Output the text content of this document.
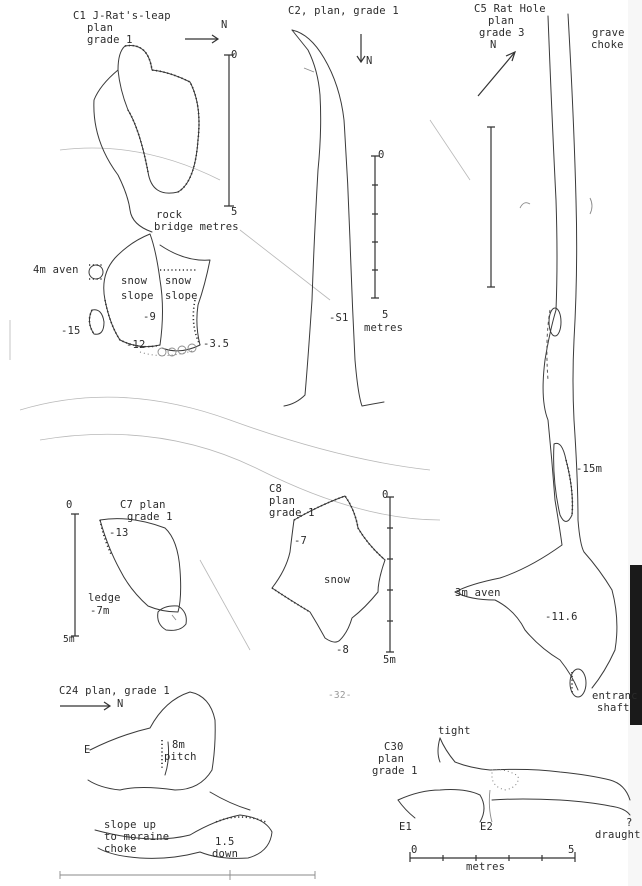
C1 J-Rat's-leap
plan
grade 1
N
0
5
rock
bridge metres
4m aven
snow
slope
snow
slope
-9
-15
-12	-3.5
C2, plan, grade 1
N
0
5
metres
-S1
C5 Rat Hole
plan
grade 3
N
grave
choke
-15m
3m aven
-11.6
entranc
shaft
C7 plan
grade 1
0
5m
-13
ledge
-7m
C8
plan
grade 1
0
5m
-7
snow
-8
-32-
C24 plan, grade 1
N
E	8m
pitch
slope up
to moraine
choke
1.5
down
tight
C30
plan
grade 1
E1	E2	?
draught
0	5
metres
